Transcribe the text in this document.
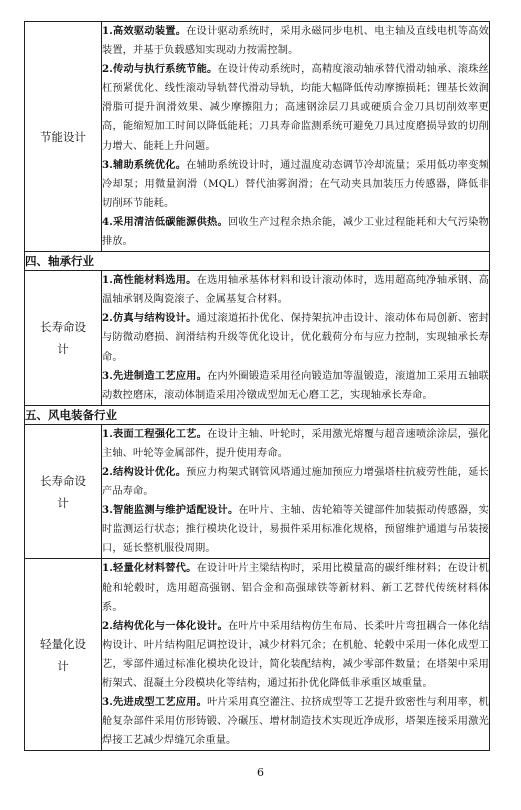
节能设计	1.高效驱动装置。在设计驱动系统时，采用永磁同步电机、电主轴及直线电机等高效装置，并基于负载感知实现动力按需控制。

2.传动与执行系统节能。在设计传动系统时，高精度滚动轴承替代滑动轴承、滚珠丝杠预紧优化、线性滚动导轨替代滑动导轨，均能大幅降低传动摩擦损耗；锂基长效润滑脂可提升润滑效果、减少摩擦阻力；高速钢涂层刀具或硬质合金刀具切削效率更高，能缩短加工时间以降低能耗；刀具寿命监测系统可避免刀具过度磨损导致的切削力增大、能耗上升问题。

3.辅助系统优化。在辅助系统设计时，通过温度动态调节冷却流量；采用低功率变频冷却泵；用微量润滑（MQL）替代油雾润滑；在气动夹具加装压力传感器，降低非切削环节能耗。

4.采用清洁低碳能源供热。回收生产过程余热余能，减少工业过程能耗和大气污染物排放。

四、轴承行业	
长寿命设计	1.高性能材料选用。在选用轴承基体材料和设计滚动体时，选用超高纯净轴承钢、高温轴承钢及陶瓷滚子、金属基复合材料。

2.仿真与结构设计。通过滚道拓扑优化、保持架抗冲击设计、滚动体布局创新、密封与防微动磨损、润滑结构升级等优化设计，优化载荷分布与应力控制，实现轴承长寿命。

3.先进制造工艺应用。在内外圈锻造采用径向锻造加等温锻造，滚道加工采用五轴联动数控磨床，滚动体制造采用冷镦成型加无心磨工艺，实现轴承长寿命。

五、风电装备行业	
长寿命设计	1.表面工程强化工艺。在设计主轴、叶轮时，采用激光熔覆与超音速喷涂涂层，强化主轴、叶轮等金属部件，提升使用寿命。

2.结构设计优化。预应力构架式钢管风塔通过施加预应力增强塔柱抗疲劳性能，延长产品寿命。

3.智能监测与维护适配设计。在叶片、主轴、齿轮箱等关键部件加装振动传感器，实时监测运行状态；推行模块化设计，易损件采用标准化规格，预留维护通道与吊装接口，延长整机服役周期。

轻量化设计	1.轻量化材料替代。在设计叶片主梁结构时，采用比模量高的碳纤维材料；在设计机舱和轮毂时，选用超高强钢、铝合金和高强球铁等新材料、新工艺替代传统材料体系。

2.结构优化与一体化设计。在叶片中采用结构仿生布局、长柔叶片弯扭耦合一体化结构设计、叶片结构阻尼调控设计，减少材料冗余；在机舱、轮毂中采用一体化成型工艺，零部件通过标准化模块化设计，简化装配结构，减少零部件数量；在塔架中采用桁架式、混凝土分段模块化等结构，通过拓扑优化降低非承重区域重量。

3.先进成型工艺应用。叶片采用真空灌注、拉挤成型等工艺提升致密性与利用率，机舱复杂部件采用仿形铸锻、冷碾压、增材制造技术实现近净成形，塔架连接采用激光焊接工艺减少焊缝冗余重量。

6
